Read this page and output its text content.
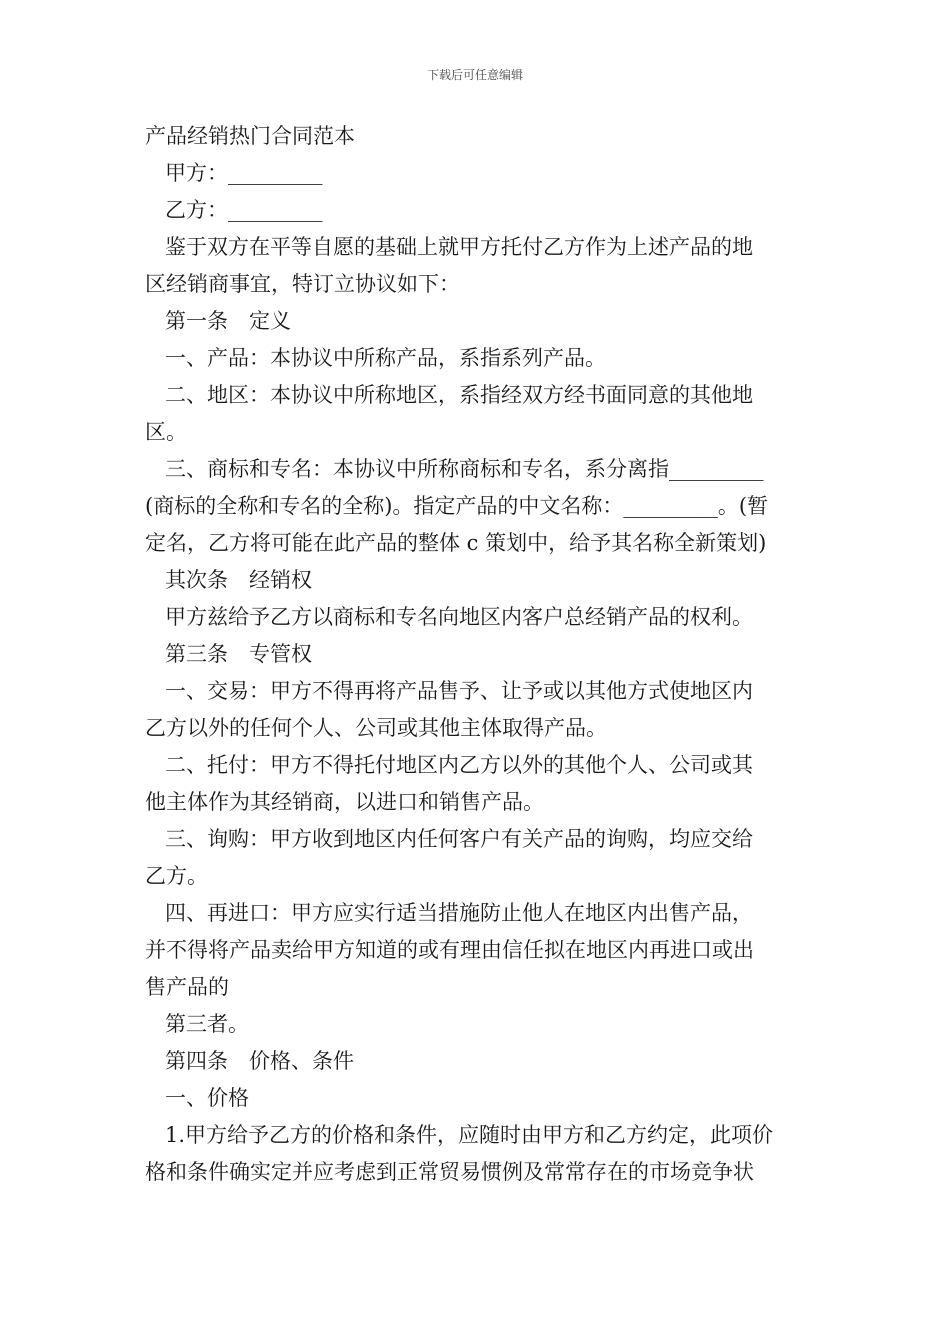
下载后可任意编辑
产品经销热门合同范本
甲方：_________
乙方：_________
鉴于双方在平等自愿的基础上就甲方托付乙方作为上述产品的地
区经销商事宜，特订立协议如下：
第一条　定义
一、产品：本协议中所称产品，系指系列产品。
二、地区：本协议中所称地区，系指经双方经书面同意的其他地
区。
三、商标和专名：本协议中所称商标和专名，系分离指_________
(商标的全称和专名的全称)。指定产品的中文名称：_________。(暂
定名，乙方将可能在此产品的整体 c 策划中，给予其名称全新策划)
其次条　经销权
甲方兹给予乙方以商标和专名向地区内客户总经销产品的权利。
第三条　专管权
一、交易：甲方不得再将产品售予、让予或以其他方式使地区内
乙方以外的任何个人、公司或其他主体取得产品。
二、托付：甲方不得托付地区内乙方以外的其他个人、公司或其
他主体作为其经销商，以进口和销售产品。
三、询购：甲方收到地区内任何客户有关产品的询购，均应交给
乙方。
四、再进口：甲方应实行适当措施防止他人在地区内出售产品，
并不得将产品卖给甲方知道的或有理由信任拟在地区内再进口或出
售产品的
第三者。
第四条　价格、条件
一、价格
1.甲方给予乙方的价格和条件，应随时由甲方和乙方约定，此项价
格和条件确实定并应考虑到正常贸易惯例及常常存在的市场竞争状
